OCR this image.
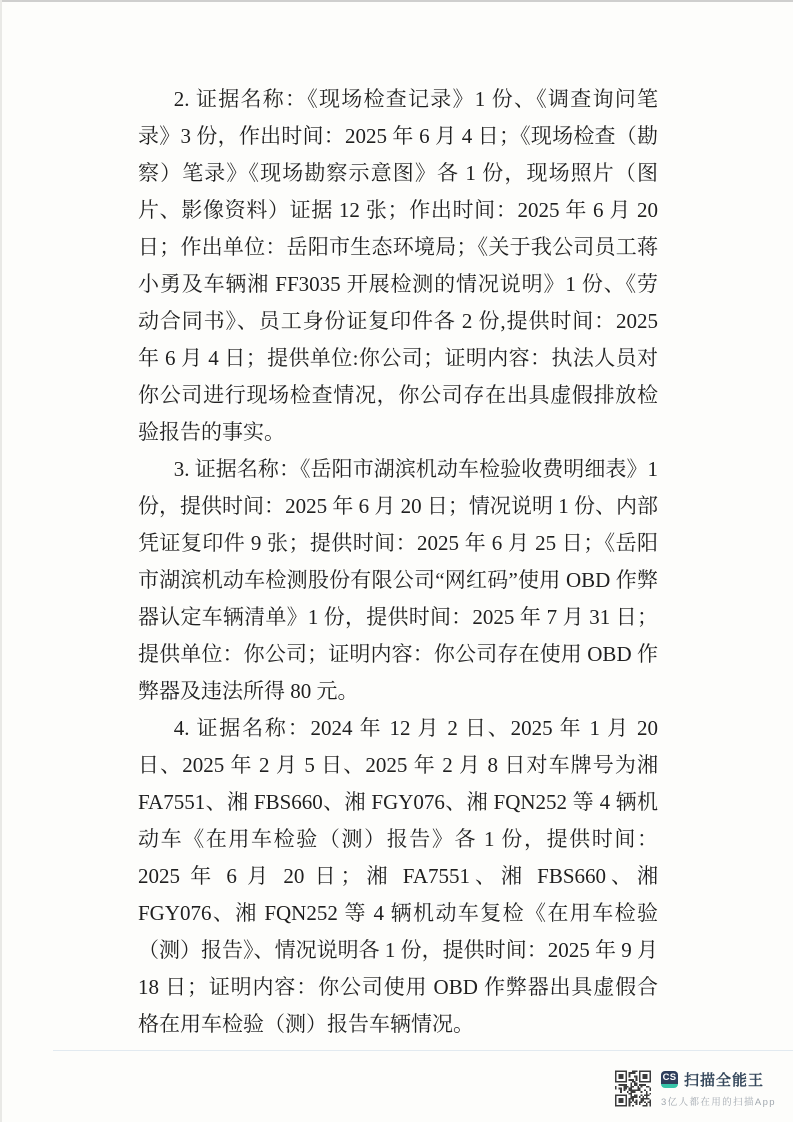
2. 证据名称：《现场检查记录》1 份、《调查询问笔录》3 份，作出时间：2025 年 6 月 4 日；《现场检查（勘察）笔录》《现场勘察示意图》各 1 份，现场照片（图片、影像资料）证据 12 张；作出时间：2025 年 6 月 20 日；作出单位：岳阳市生态环境局；《关于我公司员工蒋小勇及车辆湘 FF3035 开展检测的情况说明》1 份、《劳动合同书》、员工身份证复印件各 2 份,提供时间：2025 年 6 月 4 日；提供单位:你公司；证明内容：执法人员对你公司进行现场检查情况，你公司存在出具虚假排放检验报告的事实。

3. 证据名称：《岳阳市湖滨机动车检验收费明细表》1 份，提供时间：2025 年 6 月 20 日；情况说明 1 份、内部凭证复印件 9 张；提供时间：2025 年 6 月 25 日；《岳阳市湖滨机动车检测股份有限公司“网红码”使用 OBD 作弊器认定车辆清单》1 份，提供时间：2025 年 7 月 31 日；提供单位：你公司；证明内容：你公司存在使用 OBD 作弊器及违法所得 80 元。

4. 证据名称：2024 年 12 月 2 日、2025 年 1 月 20 日、2025 年 2 月 5 日、2025 年 2 月 8 日对车牌号为湘 FA7551、湘 FBS660、湘 FGY076、湘 FQN252 等 4 辆机动车《在用车检验（测）报告》各 1 份，提供时间：2025 年 6 月 20 日；湘 FA7551、湘 FBS660、湘 FGY076、湘 FQN252 等 4 辆机动车复检《在用车检验（测）报告》、情况说明各 1 份，提供时间：2025 年 9 月 18 日；证明内容：你公司使用 OBD 作弊器出具虚假合格在用车检验（测）报告车辆情况。

CS 扫描全能王
3亿人都在用的扫描App
